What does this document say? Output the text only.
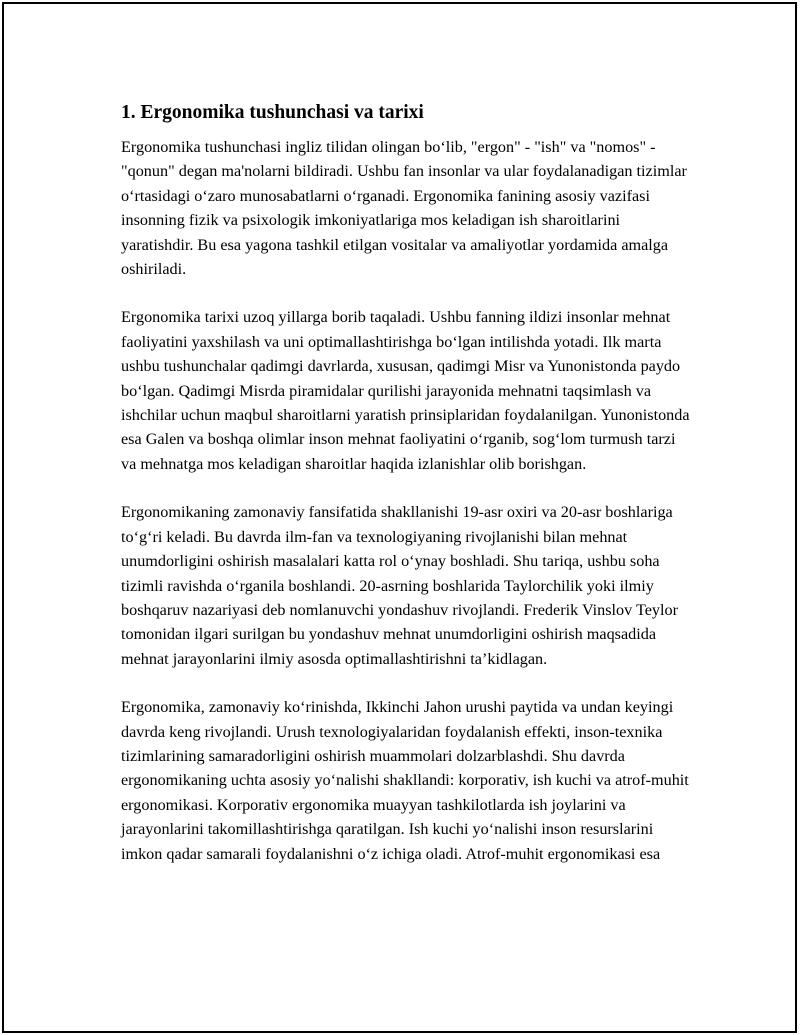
1. Ergonomika tushunchasi va tarixi

Ergonomika tushunchasi ingliz tilidan olingan bo‘lib, "ergon" - "ish" va "nomos" - "qonun" degan ma'nolarni bildiradi. Ushbu fan insonlar va ular foydalanadigan tizimlar o‘rtasidagi o‘zaro munosabatlarni o‘rganadi. Ergonomika fanining asosiy vazifasi insonning fizik va psixologik imkoniyatlariga mos keladigan ish sharoitlarini yaratishdir. Bu esa yagona tashkil etilgan vositalar va amaliyotlar yordamida amalga oshiriladi.

Ergonomika tarixi uzoq yillarga borib taqaladi. Ushbu fanning ildizi insonlar mehnat faoliyatini yaxshilash va uni optimallashtirishga bo‘lgan intilishda yotadi. Ilk marta ushbu tushunchalar qadimgi davrlarda, xususan, qadimgi Misr va Yunonistonda paydo bo‘lgan. Qadimgi Misrda piramidalar qurilishi jarayonida mehnatni taqsimlash va ishchilar uchun maqbul sharoitlarni yaratish prinsiplaridan foydalanilgan. Yunonistonda esa Galen va boshqa olimlar inson mehnat faoliyatini o‘rganib, sog‘lom turmush tarzi va mehnatga mos keladigan sharoitlar haqida izlanishlar olib borishgan.

Ergonomikaning zamonaviy fansifatida shakllanishi 19-asr oxiri va 20-asr boshlariga to‘g‘ri keladi. Bu davrda ilm-fan va texnologiyaning rivojlanishi bilan mehnat unumdorligini oshirish masalalari katta rol o‘ynay boshladi. Shu tariqa, ushbu soha tizimli ravishda o‘rganila boshlandi. 20-asrning boshlarida Taylorchilik yoki ilmiy boshqaruv nazariyasi deb nomlanuvchi yondashuv rivojlandi. Frederik Vinslov Teylor tomonidan ilgari surilgan bu yondashuv mehnat unumdorligini oshirish maqsadida mehnat jarayonlarini ilmiy asosda optimallashtirishni ta’kidlagan.

Ergonomika, zamonaviy ko‘rinishda, Ikkinchi Jahon urushi paytida va undan keyingi davrda keng rivojlandi. Urush texnologiyalaridan foydalanish effekti, inson-texnika tizimlarining samaradorligini oshirish muammolari dolzarblashdi. Shu davrda ergonomikaning uchta asosiy yo‘nalishi shakllandi: korporativ, ish kuchi va atrof-muhit ergonomikasi. Korporativ ergonomika muayyan tashkilotlarda ish joylarini va jarayonlarini takomillashtirishga qaratilgan. Ish kuchi yo‘nalishi inson resurslarini imkon qadar samarali foydalanishni o‘z ichiga oladi. Atrof-muhit ergonomikasi esa
